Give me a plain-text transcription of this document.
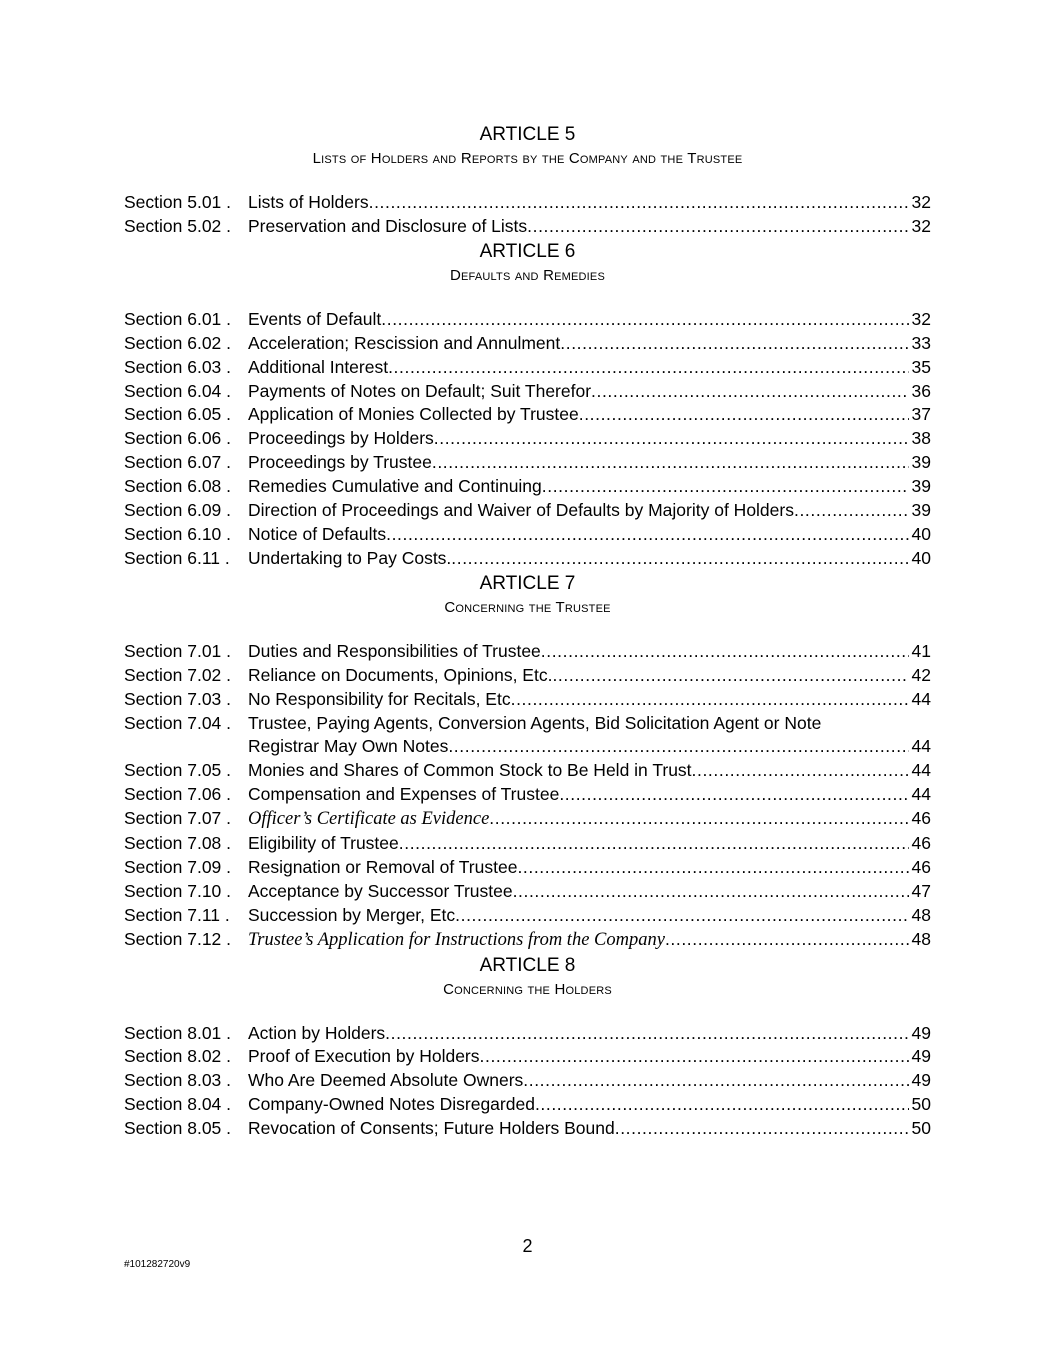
ARTICLE 5
Lists of Holders and Reports by the Company and the Trustee
Section 5.01 . Lists of Holders .....	32
Section 5.02 . Preservation and Disclosure of Lists .....	32
ARTICLE 6
Defaults and Remedies
Section 6.01 . Events of Default .....	32
Section 6.02 . Acceleration; Rescission and Annulment .....	33
Section 6.03 . Additional Interest .....	35
Section 6.04 . Payments of Notes on Default; Suit Therefor .....	36
Section 6.05 . Application of Monies Collected by Trustee .....	37
Section 6.06 . Proceedings by Holders .....	38
Section 6.07 . Proceedings by Trustee .....	39
Section 6.08 . Remedies Cumulative and Continuing .....	39
Section 6.09 . Direction of Proceedings and Waiver of Defaults by Majority of Holders .....	39
Section 6.10 . Notice of Defaults .....	40
Section 6.11 .	Undertaking to Pay Costs. .....	40
ARTICLE 7
Concerning the Trustee
Section 7.01 . Duties and Responsibilities of Trustee .....	41
Section 7.02 . Reliance on Documents, Opinions, Etc. .....	42
Section 7.03 . No Responsibility for Recitals, Etc .....	44
Section 7.04 . Trustee, Paying Agents, Conversion Agents, Bid Solicitation Agent or Note
Registrar May Own Notes .....	44
Section 7.05 . Monies and Shares of Common Stock to Be Held in Trust .....	44
Section 7.06 . Compensation and Expenses of Trustee .....	44
Section 7.07 . Officer’s Certificate as Evidence .....	46
Section 7.08 . Eligibility of Trustee .....	46
Section 7.09 . Resignation or Removal of Trustee .....	46
Section 7.10 . Acceptance by Successor Trustee .....	47
Section 7.11 .	Succession by Merger, Etc .....	48
Section 7.12 . Trustee’s Application for Instructions from the Company .....	48
ARTICLE 8
Concerning the Holders
Section 8.01 . Action by Holders .....	49
Section 8.02 . Proof of Execution by Holders .....	49
Section 8.03 . Who Are Deemed Absolute Owners .....	49
Section 8.04 . Company-Owned Notes Disregarded .....	50
Section 8.05 . Revocation of Consents; Future Holders Bound .....	50
2
#101282720v9
